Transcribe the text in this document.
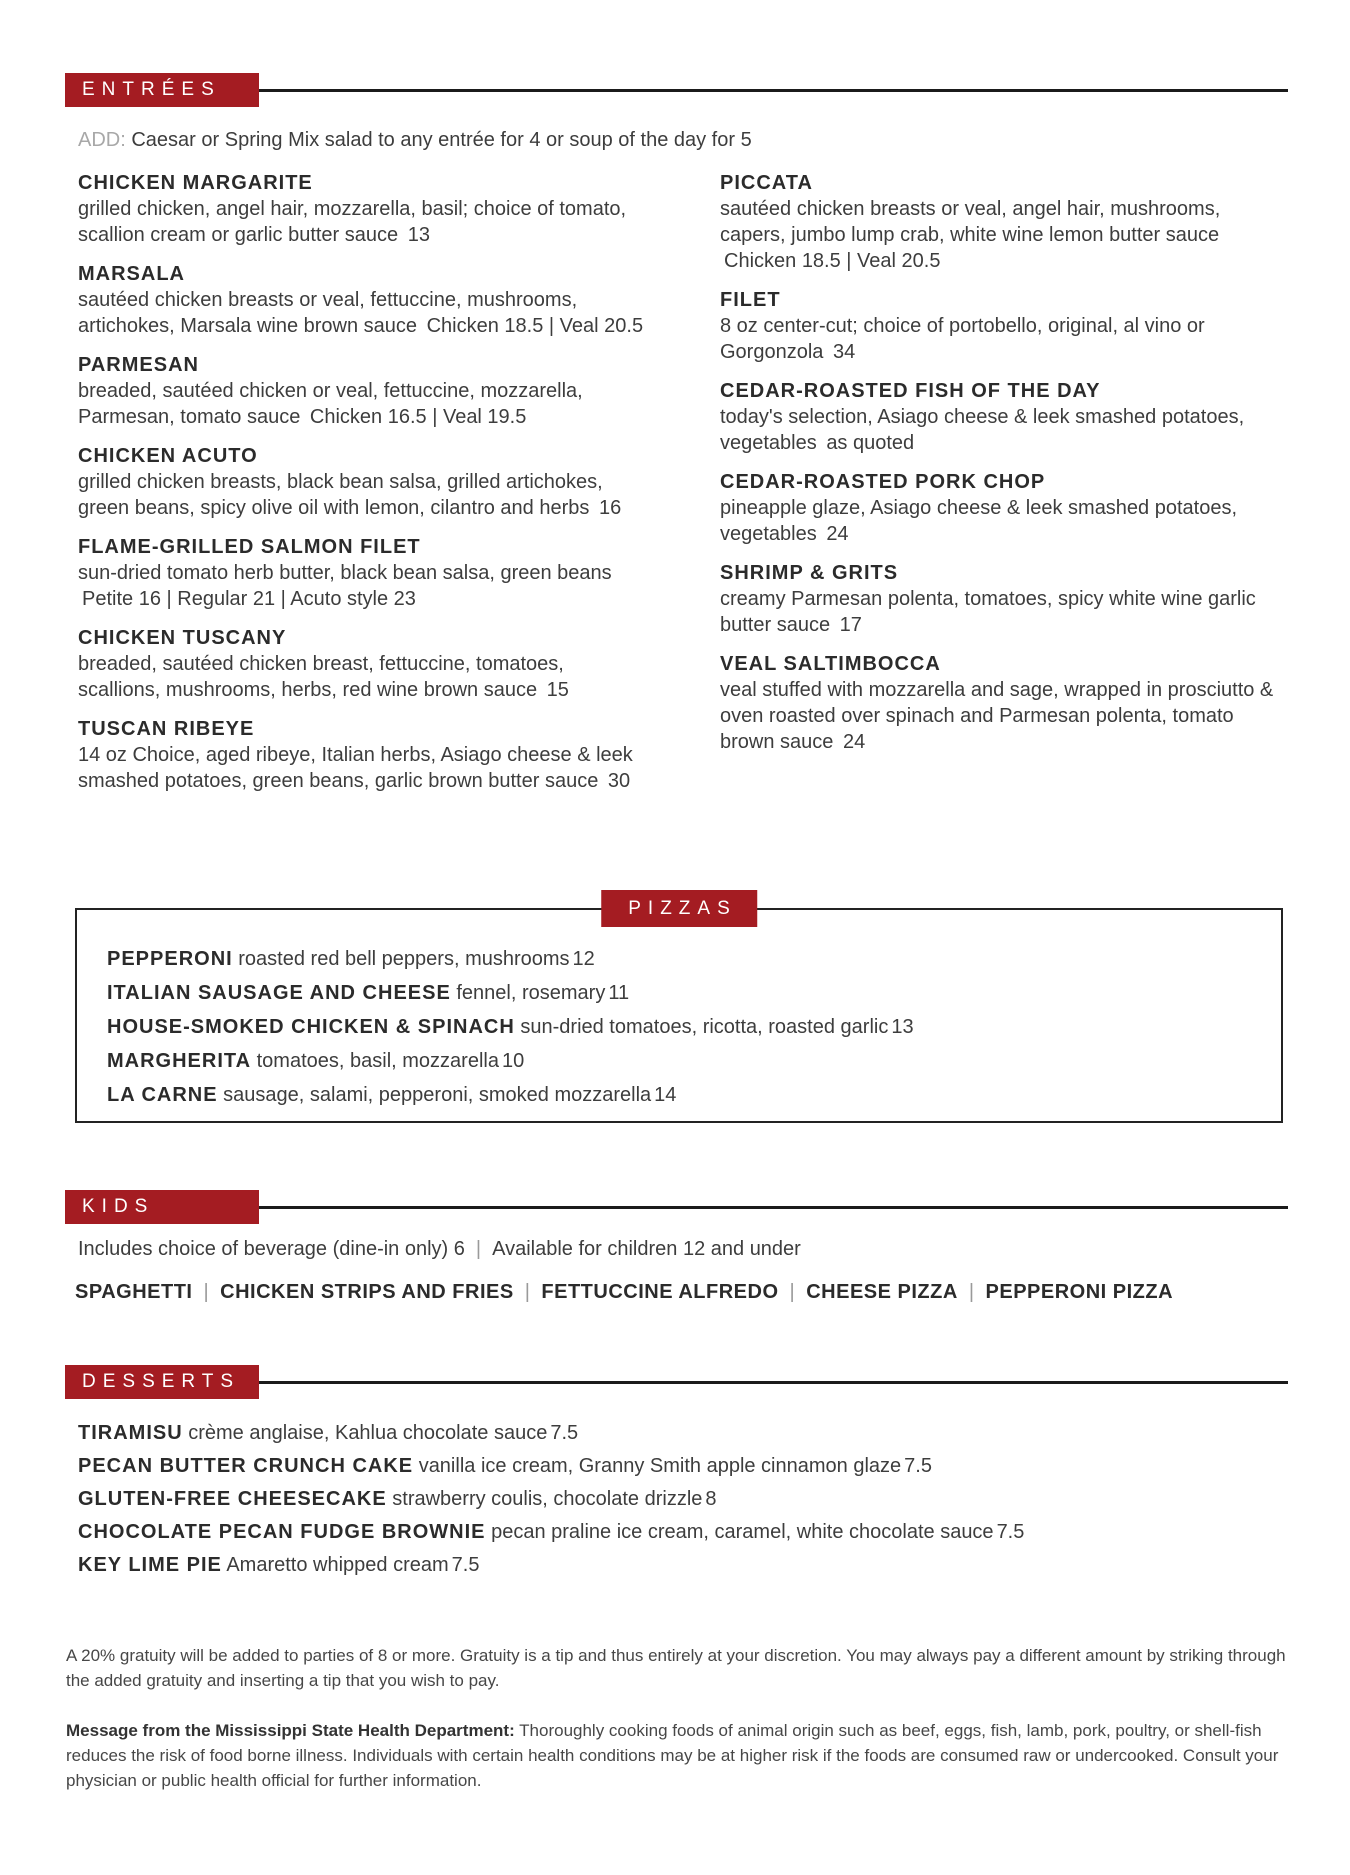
ENTRÉES
ADD: Caesar or Spring Mix salad to any entrée for 4 or soup of the day for 5
CHICKEN MARGARITE
grilled chicken, angel hair, mozzarella, basil; choice of tomato, scallion cream or garlic butter sauce 13
MARSALA
sautéed chicken breasts or veal, fettuccine, mushrooms, artichokes, Marsala wine brown sauce Chicken 18.5 | Veal 20.5
PARMESAN
breaded, sautéed chicken or veal, fettuccine, mozzarella, Parmesan, tomato sauce Chicken 16.5 | Veal 19.5
CHICKEN ACUTO
grilled chicken breasts, black bean salsa, grilled artichokes, green beans, spicy olive oil with lemon, cilantro and herbs 16
FLAME-GRILLED SALMON FILET
sun-dried tomato herb butter, black bean salsa, green beans Petite 16 | Regular 21 | Acuto style 23
CHICKEN TUSCANY
breaded, sautéed chicken breast, fettuccine, tomatoes, scallions, mushrooms, herbs, red wine brown sauce 15
TUSCAN RIBEYE
14 oz Choice, aged ribeye, Italian herbs, Asiago cheese & leek smashed potatoes, green beans, garlic brown butter sauce 30
PICCATA
sautéed chicken breasts or veal, angel hair, mushrooms, capers, jumbo lump crab, white wine lemon butter sauce Chicken 18.5 | Veal 20.5
FILET
8 oz center-cut; choice of portobello, original, al vino or Gorgonzola 34
CEDAR-ROASTED FISH OF THE DAY
today's selection, Asiago cheese & leek smashed potatoes, vegetables as quoted
CEDAR-ROASTED PORK CHOP
pineapple glaze, Asiago cheese & leek smashed potatoes, vegetables 24
SHRIMP & GRITS
creamy Parmesan polenta, tomatoes, spicy white wine garlic butter sauce 17
VEAL SALTIMBOCCA
veal stuffed with mozzarella and sage, wrapped in prosciutto & oven roasted over spinach and Parmesan polenta, tomato brown sauce 24
PIZZAS
PEPPERONI roasted red bell peppers, mushrooms 12
ITALIAN SAUSAGE AND CHEESE fennel, rosemary 11
HOUSE-SMOKED CHICKEN & SPINACH sun-dried tomatoes, ricotta, roasted garlic 13
MARGHERITA tomatoes, basil, mozzarella 10
LA CARNE sausage, salami, pepperoni, smoked mozzarella 14
KIDS
Includes choice of beverage (dine-in only) 6 | Available for children 12 and under
SPAGHETTI | CHICKEN STRIPS AND FRIES | FETTUCCINE ALFREDO | CHEESE PIZZA | PEPPERONI PIZZA
DESSERTS
TIRAMISU crème anglaise, Kahlua chocolate sauce 7.5
PECAN BUTTER CRUNCH CAKE vanilla ice cream, Granny Smith apple cinnamon glaze 7.5
GLUTEN-FREE CHEESECAKE strawberry coulis, chocolate drizzle 8
CHOCOLATE PECAN FUDGE BROWNIE pecan praline ice cream, caramel, white chocolate sauce 7.5
KEY LIME PIE Amaretto whipped cream 7.5

A 20% gratuity will be added to parties of 8 or more. Gratuity is a tip and thus entirely at your discretion. You may always pay a different amount by striking through the added gratuity and inserting a tip that you wish to pay.

Message from the Mississippi State Health Department: Thoroughly cooking foods of animal origin such as beef, eggs, fish, lamb, pork, poultry, or shell-fish reduces the risk of food borne illness. Individuals with certain health conditions may be at higher risk if the foods are consumed raw or undercooked. Consult your physician or public health official for further information.
